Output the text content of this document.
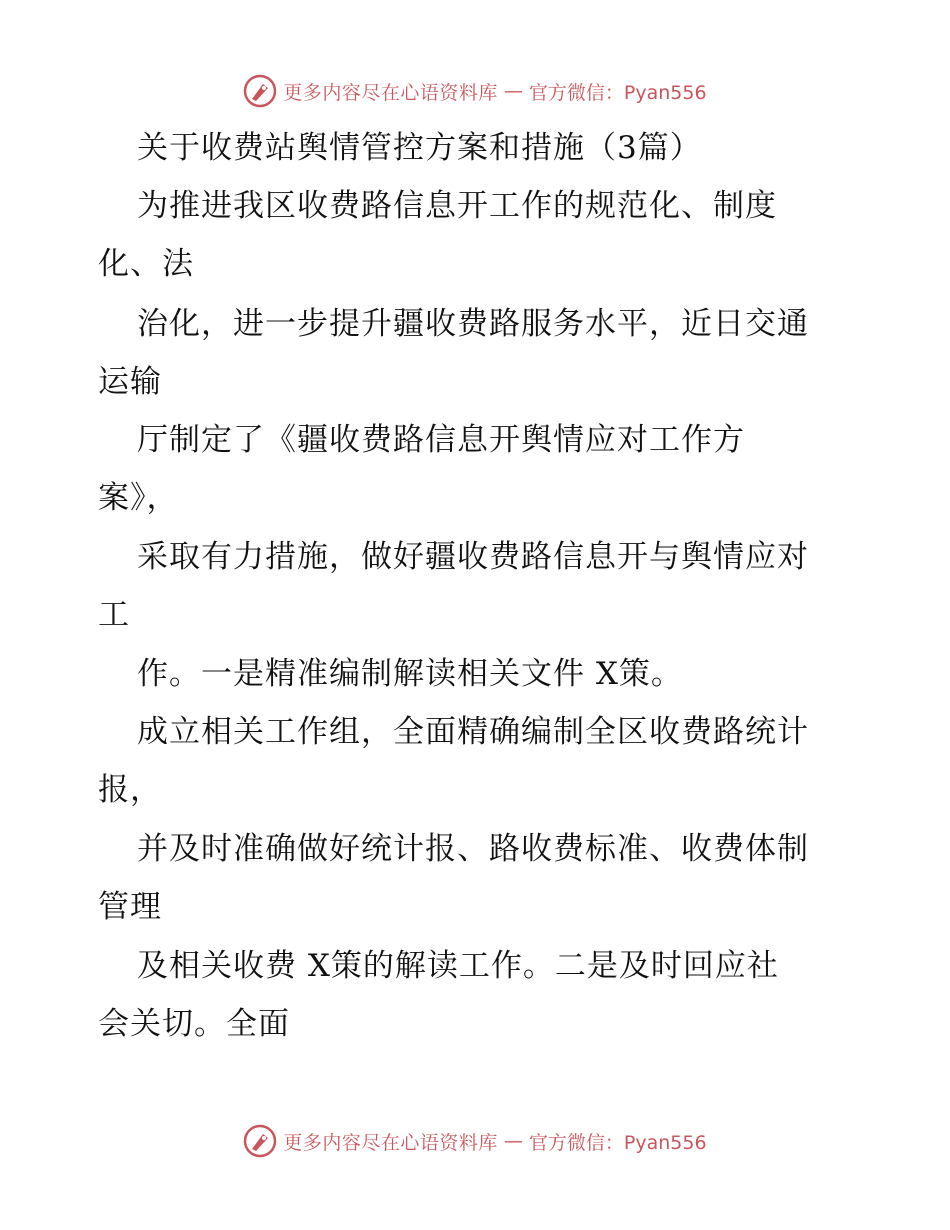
更多内容尽在心语资料库 — 官方微信：Pyan556
关于收费站舆情管控方案和措施（3篇）
为推进我区收费路信息开工作的规范化、制度
化、法
治化，进一步提升疆收费路服务水平，近日交通
运输
厅制定了《疆收费路信息开舆情应对工作方
案》，
采取有力措施，做好疆收费路信息开与舆情应对
工
作。一是精准编制解读相关文件 X策。
成立相关工作组，全面精确编制全区收费路统计
报，
并及时准确做好统计报、路收费标准、收费体制
管理
及相关收费 X策的解读工作。二是及时回应社
会关切。全面
更多内容尽在心语资料库 — 官方微信：Pyan556
